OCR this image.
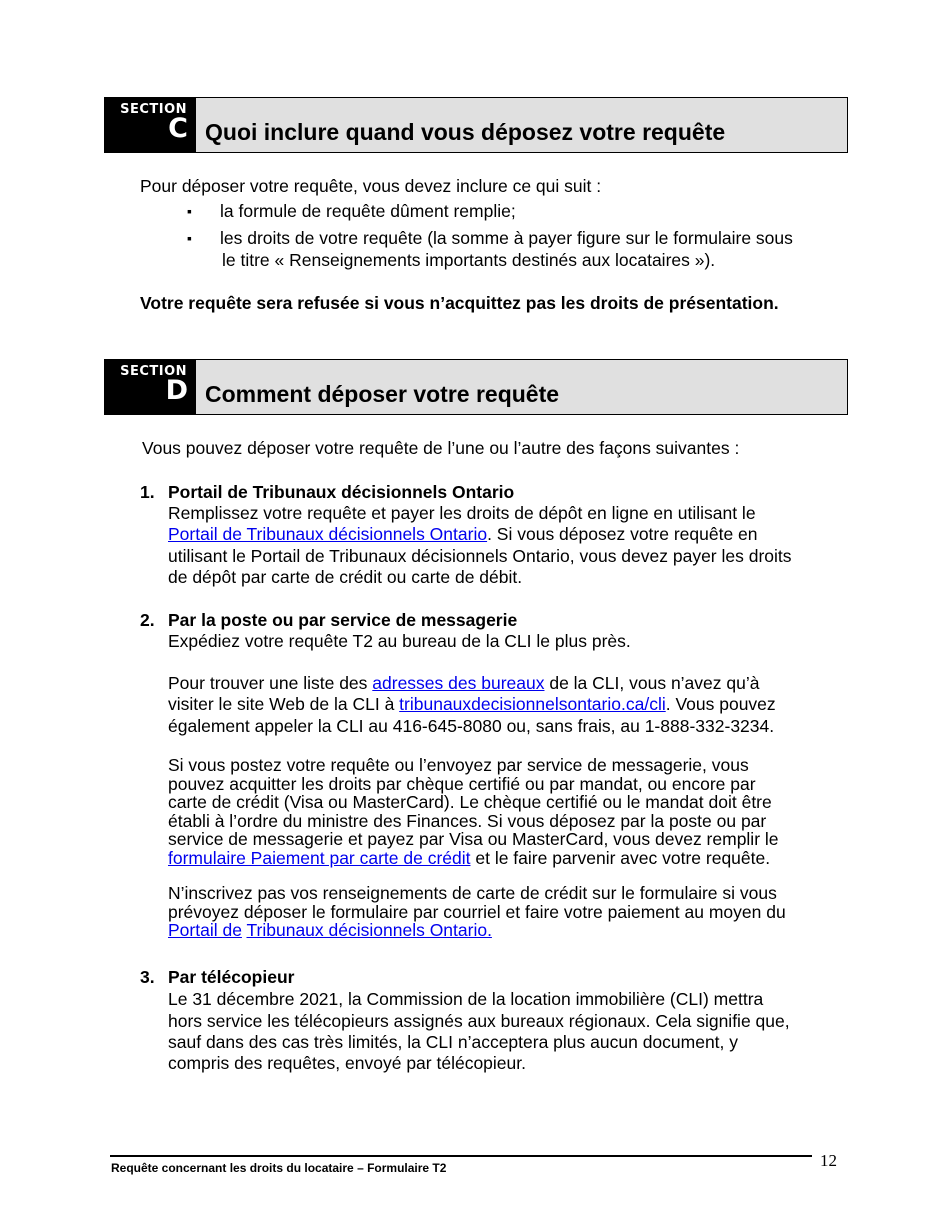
SECTION
C Quoi inclure quand vous déposez votre requête

Pour déposer votre requête, vous devez inclure ce qui suit :

▪ la formule de requête dûment remplie;

▪ les droits de votre requête (la somme à payer figure sur le formulaire sous

le titre « Renseignements importants destinés aux locataires »).

Votre requête sera refusée si vous n’acquittez pas les droits de présentation.

SECTION
D Comment déposer votre requête

Vous pouvez déposer votre requête de l’une ou l’autre des façons suivantes :

1. Portail de Tribunaux décisionnels Ontario

Remplissez votre requête et payer les droits de dépôt en ligne en utilisant le

Portail de Tribunaux décisionnels Ontario. Si vous déposez votre requête en

utilisant le Portail de Tribunaux décisionnels Ontario, vous devez payer les droits

de dépôt par carte de crédit ou carte de débit.

2. Par la poste ou par service de messagerie

Expédiez votre requête T2 au bureau de la CLI le plus près.

Pour trouver une liste des adresses des bureaux de la CLI, vous n’avez qu’à

visiter le site Web de la CLI à tribunauxdecisionnelsontario.ca/cli. Vous pouvez

également appeler la CLI au 416-645-8080 ou, sans frais, au 1-888-332-3234.

Si vous postez votre requête ou l’envoyez par service de messagerie, vous

pouvez acquitter les droits par chèque certifié ou par mandat, ou encore par

carte de crédit (Visa ou MasterCard). Le chèque certifié ou le mandat doit être

établi à l’ordre du ministre des Finances. Si vous déposez par la poste ou par

service de messagerie et payez par Visa ou MasterCard, vous devez remplir le

formulaire Paiement par carte de crédit et le faire parvenir avec votre requête.

N’inscrivez pas vos renseignements de carte de crédit sur le formulaire si vous

prévoyez déposer le formulaire par courriel et faire votre paiement au moyen du

Portail de Tribunaux décisionnels Ontario.

3. Par télécopieur

Le 31 décembre 2021, la Commission de la location immobilière (CLI) mettra

hors service les télécopieurs assignés aux bureaux régionaux. Cela signifie que,

sauf dans des cas très limités, la CLI n’acceptera plus aucun document, y

compris des requêtes, envoyé par télécopieur.

Requête concernant les droits du locataire – Formulaire T2	12
